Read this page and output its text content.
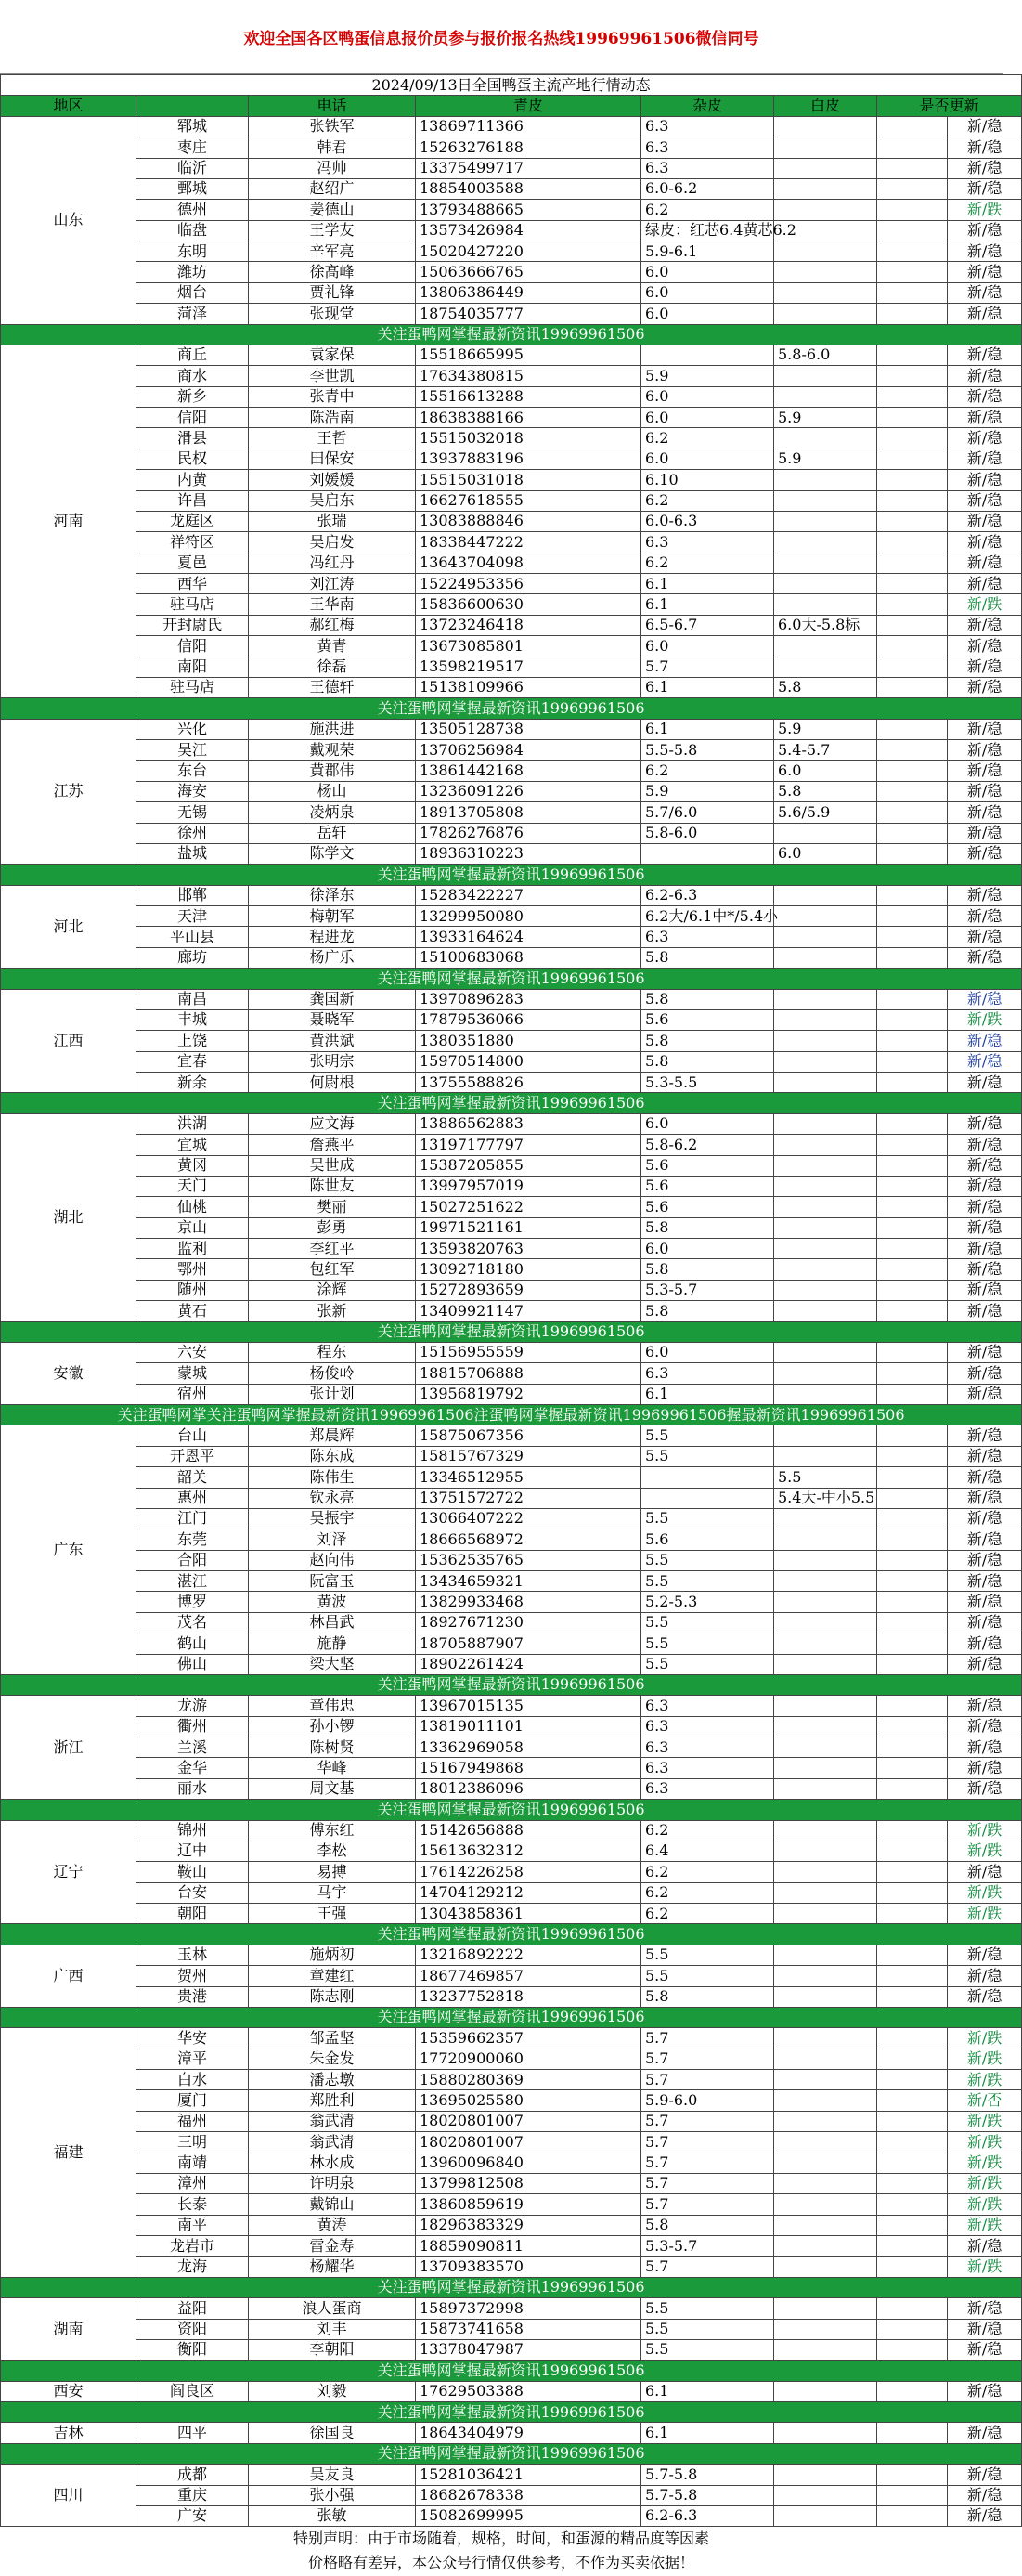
欢迎全国各区鸭蛋信息报价员参与报价报名热线19969961506微信同号
2024/09/13日全国鸭蛋主流产地行情动态							
地区		电话	青皮	杂皮	白皮	是否更新	
山东	郓城	张铁军	13869711366	6.3			新/稳
	枣庄	韩君	15263276188	6.3			新/稳
	临沂	冯帅	13375499717	6.3			新/稳
	鄄城	赵绍广	18854003588	6.0-6.2			新/稳
	德州	姜德山	13793488665	6.2			新/跌
	临盘	王学友	13573426984	绿皮：红芯6.4黄芯6.2			新/稳
	东明	辛军亮	15020427220	5.9-6.1			新/稳
	潍坊	徐高峰	15063666765	6.0			新/稳
	烟台	贾礼锋	13806386449	6.0			新/稳
	菏泽	张现堂	18754035777	6.0			新/稳
关注蛋鸭网掌握最新资讯19969961506							
河南	商丘	袁家保	15518665995		5.8-6.0		新/稳
	商水	李世凯	17634380815	5.9			新/稳
	新乡	张青中	15516613288	6.0			新/稳
	信阳	陈浩南	18638388166	6.0	5.9		新/稳
	滑县	王哲	15515032018	6.2			新/稳
	民权	田保安	13937883196	6.0	5.9		新/稳
	内黄	刘媛媛	15515031018	6.10			新/稳
	许昌	吴启东	16627618555	6.2			新/稳
	龙庭区	张瑞	13083888846	6.0-6.3			新/稳
	祥符区	吴启发	18338447222	6.3			新/稳
	夏邑	冯红丹	13643704098	6.2			新/稳
	西华	刘江涛	15224953356	6.1			新/稳
	驻马店	王华南	15836600630	6.1			新/跌
	开封尉氏	郝红梅	13723246418	6.5-6.7	6.0大-5.8标		新/稳
	信阳	黄青	13673085801	6.0			新/稳
	南阳	徐磊	13598219517	5.7			新/稳
	驻马店	王德轩	15138109966	6.1	5.8		新/稳
关注蛋鸭网掌握最新资讯19969961506							
江苏	兴化	施洪进	13505128738	6.1	5.9		新/稳
	吴江	戴观荣	13706256984	5.5-5.8	5.4-5.7		新/稳
	东台	黄郡伟	13861442168	6.2	6.0		新/稳
	海安	杨山	13236091226	5.9	5.8		新/稳
	无锡	凌炳泉	18913705808	5.7/6.0	5.6/5.9		新/稳
	徐州	岳轩	17826276876	5.8-6.0			新/稳
	盐城	陈学文	18936310223		6.0		新/稳
关注蛋鸭网掌握最新资讯19969961506							
河北	邯郸	徐泽东	15283422227	6.2-6.3			新/稳
	天津	梅朝军	13299950080	6.2大/6.1中*/5.4小			新/稳
	平山县	程进龙	13933164624	6.3			新/稳
	廊坊	杨广乐	15100683068	5.8			新/稳
关注蛋鸭网掌握最新资讯19969961506							
江西	南昌	龚国新	13970896283	5.8			新/稳
	丰城	聂晓军	17879536066	5.6			新/跌
	上饶	黄洪斌	13803518​80	5.8			新/稳
	宜春	张明宗	15970514800	5.8			新/稳
	新余	何尉根	13755588826	5.3-5.5			新/稳
关注蛋鸭网掌握最新资讯19969961506							
湖北	洪湖	应文海	13886562883	6.0			新/稳
	宜城	詹燕平	13197177797	5.8-6.2			新/稳
	黄冈	吴世成	15387205855	5.6			新/稳
	天门	陈世友	13997957019	5.6			新/稳
	仙桃	樊丽	15027251622	5.6			新/稳
	京山	彭勇	19971521161	5.8			新/稳
	监利	李红平	13593820763	6.0			新/稳
	鄂州	包红军	13092718180	5.8			新/稳
	随州	涂辉	15272893659	5.3-5.7			新/稳
	黄石	张新	13409921147	5.8			新/稳
关注蛋鸭网掌握最新资讯19969961506							
安徽	六安	程东	15156955559	6.0			新/稳
	蒙城	杨俊岭	18815706888	6.3			新/稳
	宿州	张计划	13956819792	6.1			新/稳
关注蛋鸭网掌关注蛋鸭网掌握最新资讯19969961506注蛋鸭网掌握最新资讯19969961506握最新资讯19969961506							
广东	台山	郑晨辉	15875067356	5.5			新/稳
	开恩平	陈东成	15815767329	5.5			新/稳
	韶关	陈伟生	13346512955		5.5		新/稳
	惠州	钦永亮	13751572722		5.4大-中小5.5		新/稳
	江门	吴振宇	13066407222	5.5			新/稳
	东莞	刘泽	18666568972	5.6			新/稳
	合阳	赵向伟	15362535765	5.5			新/稳
	湛江	阮富玉	13434659321	5.5			新/稳
	博罗	黄波	13829933468	5.2-5.3			新/稳
	茂名	林昌武	18927671230	5.5			新/稳
	鹤山	施静	18705887907	5.5			新/稳
	佛山	梁大坚	18902261424	5.5			新/稳
关注蛋鸭网掌握最新资讯19969961506							
浙江	龙游	章伟忠	13967015135	6.3			新/稳
	衢州	孙小锣	13819011101	6.3			新/稳
	兰溪	陈树贤	13362969058	6.3			新/稳
	金华	华峰	15167949868	6.3			新/稳
	丽水	周文基	18012386096	6.3			新/稳
关注蛋鸭网掌握最新资讯19969961506							
辽宁	锦州	傅东红	15142656888	6.2			新/跌
	辽中	李松	15613632312	6.4			新/跌
	鞍山	易搏	17614226258	6.2			新/稳
	台安	马宇	14704129212	6.2			新/跌
	朝阳	王强	13043858361	6.2			新/跌
关注蛋鸭网掌握最新资讯19969961506							
广西	玉林	施炳初	13216892222	5.5			新/稳
	贺州	章建红	18677469857	5.5			新/稳
	贵港	陈志刚	13237752818	5.8			新/稳
关注蛋鸭网掌握最新资讯19969961506							
福建	华安	邹孟坚	15359662357	5.7			新/跌
	漳平	朱金发	17720900060	5.7			新/跌
	白水	潘志墩	15880280369	5.7			新/跌
	厦门	郑胜利	13695025580	5.9-6.0			新/否
	福州	翁武清	18020801007	5.7			新/跌
	三明	翁武清	18020801007	5.7			新/跌
	南靖	林水成	13960096840	5.7			新/跌
	漳州	许明泉	13799812508	5.7			新/跌
	长泰	戴锦山	13860859619	5.7			新/跌
	南平	黄涛	18296383329	5.8			新/跌
	龙岩市	雷金寿	18859090811	5.3-5.7			新/稳
	龙海	杨耀华	13709383570	5.7			新/跌
关注蛋鸭网掌握最新资讯19969961506							
湖南	益阳	浪人蛋商	15897372998	5.5			新/稳
	资阳	刘丰	15873741658	5.5			新/稳
	衡阳	李朝阳	13378047987	5.5			新/稳
关注蛋鸭网掌握最新资讯19969961506							
西安	阎良区	刘毅	17629503388	6.1			新/稳
关注蛋鸭网掌握最新资讯19969961506							
吉林	四平	徐国良	18643404979	6.1			新/稳
关注蛋鸭网掌握最新资讯19969961506							
四川	成都	吴友良	15281036421	5.7-5.8			新/稳
	重庆	张小强	18682678338	5.7-5.8			新/稳
	广安	张敏	15082699995	6.2-6.3			新/稳
特别声明：由于市场随着，规格，时间，和蛋源的精品度等因素
价格略有差异，本公众号行情仅供参考，不作为买卖依据！
